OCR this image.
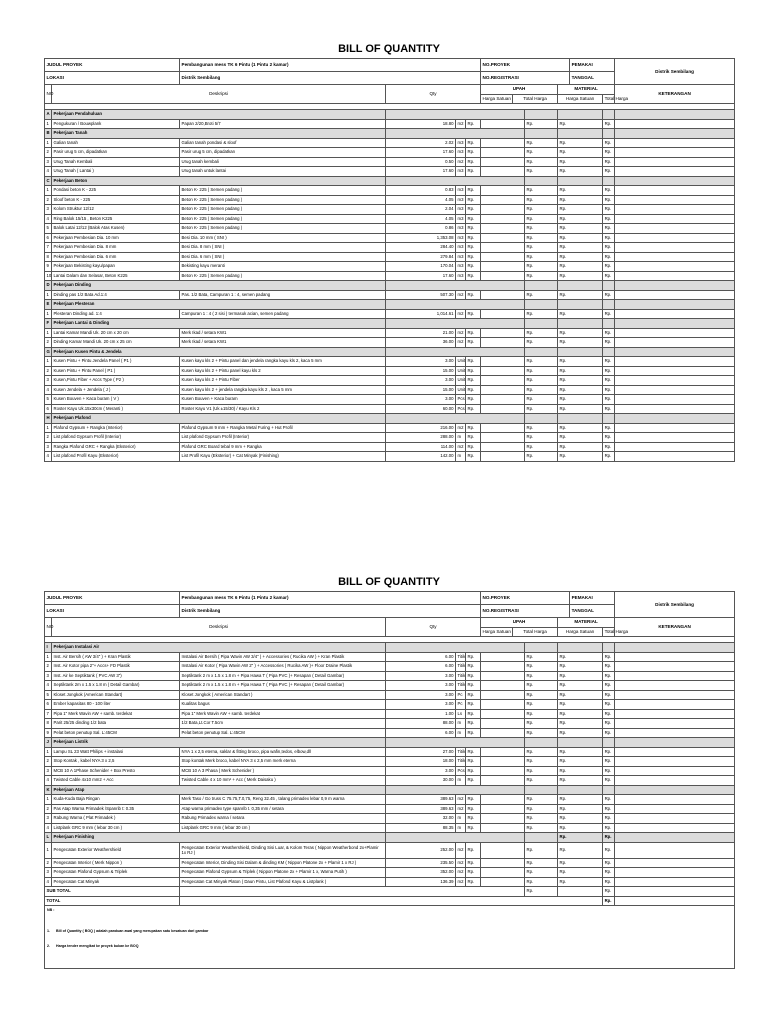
BILL OF QUANTITY
JUDUL PROYEK		Pembangunan mess TK 6 Pintu (1 Pintu 2 kamar)				NO.PROYEK				PEMAKAI		Distrik Sembilang
LOKASI		Distrik Sembilang				NO.REGISTRASI				TANGGAL		
NO	Deskripsi		Qty			UPAH			MATERIAL			KETERANGAN
						Harga Satuan	Total Harga		Harga Satuan		Total Harga	

A	Pekerjaan Pendahuluan											
1	Pengukuran / Bouwplank	Papan 2/20,Broti 5/7	18.80	m2	Rp.			Rp.	Rp.		Rp.	
B	Pekerjaan Tanah											
1	Galian tanah	Galian tanah pondasi & sloof	2.02	m3	Rp.			Rp.	Rp.		Rp.	
2	Pasir urug 5 cm, dipadatkan	Pasir urug 5 cm, dipadatkan	17.60	m3	Rp.			Rp.	Rp.		Rp.	
3	Urug Tanah Kembali	Urug tanah kembali	0.50	m2	Rp.			Rp.	Rp.		Rp.	
4	Urug Tanah ( Lantai )	Urug tanah untuk lantai	17.60	m3	Rp.			Rp.	Rp.		Rp.	
C	Pekerjaan Beton											
1	Pondasi beton K - 225	Beton K- 225 ( Semen padang )	0.83	m3	Rp.			Rp.	Rp.		Rp.	
2	Sloof beton K - 225	Beton K- 225 ( Semen padang )	4.05	m3	Rp.			Rp.	Rp.		Rp.	
3	Kolom Struktur 12/12	Beton K- 225 ( Semen padang )	2.04	m3	Rp.			Rp.	Rp.		Rp.	
4	Ring Balok 15/15 , Beton K225	Beton K- 225 ( Semen padang )	4.05	m3	Rp.			Rp.	Rp.		Rp.	
5	Balok Latai 12/12 (Balok Atas Kusen)	Beton K- 225 ( Semen padang )	0.86	m3	Rp.			Rp.	Rp.		Rp.	
6	Pekerjaan Pembesian Dia. 10 mm	Besi Dia. 10 mm ( SNI )	1,353.08	m3	Rp.			Rp.	Rp.		Rp.	
7	Pekerjaan Pembesian Dia. 8 mm	Besi Dia. 8 mm ( SNI )	284.40	m3	Rp.			Rp.	Rp.		Rp.	
8	Pekerjaan Pembesian Dia. 6 mm	Besi Dia. 6 mm ( SNI )	279.84	m3	Rp.			Rp.	Rp.		Rp.	
9	Pekerjaan Bekisting kayu/papan	Bekisting kayu meranti	170.04	m3	Rp.			Rp.	Rp.		Rp.	
10	Lantai Dalam dan Selasar, Beton K225	Beton K- 225 ( Semen padang )	17.60	m3	Rp.			Rp.	Rp.		Rp.	
D	Pekerjaan Dinding											
1	Dinding pas 1/2 Bata Ad.1:4	Pas. 1/2 Bata, Campuran 1 : 4, semen padang	507.30	m2	Rp.			Rp.	Rp.		Rp.	
E	Pekerjaan Plesteran											
1	Plesteran Dinding ad. 1:4	Campuran 1 : 4 ( 2 sisi ) termasuk acian, semen padang	1,014.61	m2	Rp.			Rp.	Rp.		Rp.	
F	Pekerjaan Lantai & Dinding											
1	Lantai Kamar Mandi Uk. 20 cm x 20 cm	Merk Ikad / setara KW1	21.00	m2	Rp.			Rp.	Rp.		Rp.	
2	Dinding Kamar Mandi Uk. 20 cm x 25 cm	Merk Ikad / setara KW1	36.00	m2	Rp.			Rp.	Rp.		Rp.	
G	Pekerjaan Kusen Pintu & Jendela											
1	Kusen Pintu + Pintu Jendela Panel ( P1 )	Kusen kayu kls 2 + Pintu panel dan jendela rangka kayu kls 2, kaca 5 mm	3.00	Unit	Rp.			Rp.	Rp.		Rp.	
2	Kusen Pintu + Pintu Panel ( P1 )	Kusen kayu kls 2 + Pintu panel kayu kls 2	15.00	Unit	Rp.			Rp.	Rp.		Rp.	
3	Kusen,Pintu Fiber + Accs Type ( P2 )	Kusen kayu kls 2 + Pintu Fiber	3.00	Unit	Rp.			Rp.	Rp.		Rp.	
4	Kusen Jendela + Jendela ( J )	Kusen kayu kls 2 + jendela rangka kayu kls 2 , kaca 5 mm	15.00	Unit	Rp.			Rp.	Rp.		Rp.	
5	Kusen Bouven + Kaca buram ( V )	Kusen Bouven + Kaca buram	3.00	Pcs	Rp.			Rp.	Rp.		Rp.	
6	Roster Kayu Uk.15x30cm ( Meranti )	Roster Kayu V1 (Uk ±15/30) / Kayu Kls 2	60.00	Pcs	Rp.			Rp.	Rp.		Rp.	
H	Pekerjaan Plafond											
1	Plafond Gypsum + Rangka (Interior)	Plafond Gypsum 9 mm + Rangka Metal Furing + Hut Profil	216.00	m2	Rp.			Rp.	Rp.		Rp.	
2	List plafond Gypsum Profil (Interior)	List plafond Gypsum Profil (Interior)	288.00	m	Rp.			Rp.	Rp.		Rp.	
3	Rangka Plafond GRC + Rangka (Eksterior)	Plafond GRC Board tebal 9 mm + Rangka	114.00	m2	Rp.			Rp.	Rp.		Rp.	
4	List plafond Profil Kayu (Eksterior)	List Profil Kayu (Eksterior) + Cat Minyak (Finishing)	142.00	m	Rp.			Rp.	Rp.		Rp.	
BILL OF QUANTITY
JUDUL PROYEK		Pembangunan mess TK 6 Pintu (1 Pintu 2 kamar)				NO.PROYEK				PEMAKAI		Distrik Sembilang
LOKASI		Distrik Sembilang				NO.REGISTRASI				TANGGAL		
NO	Deskripsi		Qty			UPAH			MATERIAL			KETERANGAN
						Harga Satuan	Total Harga		Harga Satuan		Total Harga	

I	Pekerjaan Instalasi Air											
1	Inst. Air Bersih ( AW 3/4" ) + Kran Plastik	Instalasi Air Bersih ( Pipa Wavin AW 3/4" ) + Accessories ( Rucika AW ) + Kran Plastik	6.00	Titik	Rp.			Rp.	Rp.		Rp.	
2	Inst. Air Kotor pipa 2"+ Accs+ FD Plastik	Instalasi Air Kotor ( Pipa Wavin AW 2" ) + Accessories ( Rucika AW )+ Floor Draine Plastik	6.00	Titik	Rp.			Rp.	Rp.		Rp.	
3	Inst. Air ke Septiktank ( PVC AW 3")	Septiktank 2 m x 1.5 x 1.8 m + Pipa Hawa T ( Pipa PVC )+ Resapan ( Detail Gambar)	3.00	Titik	Rp.			Rp.	Rp.		Rp.	
4	Septiktank 2m x 1.5 x 1.8 m ( Detail Gambar)	Septiktank 2 m x 1.5 x 1.8 m + Pipa Hawa T ( Pipa PVC )+ Resapan ( Detail Gambar)	3.00	Titik	Rp.			Rp.	Rp.		Rp.	
5	Kloset Jongkok (American Standart)	Kloset Jongkok ( American Standart )	3.00	Pc	Rp.			Rp.	Rp.		Rp.	
6	Ember kapasitas 80 - 100 liter	Kualitas bagus	3.00	Pc	Rp.			Rp.	Rp.		Rp.	
7	Pipa 1" Merk Wavin AW + samb. terdekat	Pipa 1" Merk Wavin AW + samb. terdekat	1.00	Ls	Rp.			Rp.	Rp.		Rp.	
8	Parit 25/25 dinding 1/2 bata	1/2 Bata,Lt.Cor T.5cm	88.00	m	Rp.			Rp.	Rp.		Rp.	
9	Pelat beton penutup Sal. L:45CM	Pelat beton penutup Sal. L:45CM	6.00	m	Rp.			Rp.	Rp.		Rp.	
J	Pekerjaan Listrik											
1	Lampu SL 23 Watt Philips + instalasi	NYA 1 x 2,5 eterna, saklar & fitting broco, pipa wafin,tedos, elbow,dll	27.00	Titik	Rp.			Rp.	Rp.		Rp.	
2	Stop Kontak , kabel NYA 3 x 2,5	Stop kontak Merk broco, kabel NYA 3 x 2,5 mm merk eterna	18.00	Titik	Rp.			Rp.	Rp.		Rp.	
3	MCB 10 A 1Phase Schenider + Box Presto	MCB 10 A 3 Phasa ( Merk Schenider )	3.00	Pcs	Rp.			Rp.	Rp.		Rp.	
4	Twisted Cable 4x10 mm2 + Acc	Twisted Cable 4 x 10 mm² + Acc ( Merk Daisaku )	30.00	m	Rp.			Rp.	Rp.		Rp.	
K	Pekerjaan Atap											
1	Kuda-Kuda Baja Ringan	Merk Taso / Go truss C 75.75,T.0,75, Reng 32.45 , talang primadex lebar 0,9 m warna	389.63	m2	Rp.			Rp.	Rp.		Rp.	
2	Pas Atap Warna Primadek /Spanrib t: 0.35	Atap warna primadex type spanrib t. 0,35 mm / setara	389.63	m2	Rp.			Rp.	Rp.		Rp.	
3	Rabung Warna ( Plat Primadek )	Rabung Primadex warna / setara	32.00	m	Rp.			Rp.	Rp.		Rp.	
4	Listplank GRC 9 mm ( lebar 30 cm )	Listplank GRC 9 mm ( lebar 30 cm )	88.35	m	Rp.			Rp.	Rp.		Rp.	
L	Pekerjaan Finishing								Rp.		Rp.	
1	Pengecatan Exterior Weathershield	Pengecatan Exterior Weathershield, Dinding Sisi Luar, & Kolom Teras ( Nippon Weatherbond 2x+Plamir 1x RJ )	252.00	m2	Rp.			Rp.	Rp.		Rp.	
2	Pengecatan Interior ( Merk Nippon )	Pengecatan Interior, Dinding Sisi Dalam & dinding KM ( Nippon Platone 2x + Plamir 1 x RJ )	235.50	m2	Rp.			Rp.	Rp.		Rp.	
3	Pengecatan Plafond Gypsum & Triplek	Pengecatan Plafond Gypsum & Triplek ( Nippon Platone 2x + Plamir 1 x, Warna Putih )	352.00	m2	Rp.			Rp.	Rp.		Rp.	
4	Pengecatan Cat Minyak	Pengecatan Cat Minyak Platon ( Daun Pintu, List Plafond Kayu & Listplank )	136.39	m2	Rp.			Rp.	Rp.		Rp.	
SUB TOTAL								Rp.			Rp.	
TOTAL											Rp.	
NB :
1. Bill of Quantity ( BOQ ) adalah panduan awal yang merupakan satu kesatuan dari gambar
2. Harga tender mengikat ke proyek bukan ke BOQ
